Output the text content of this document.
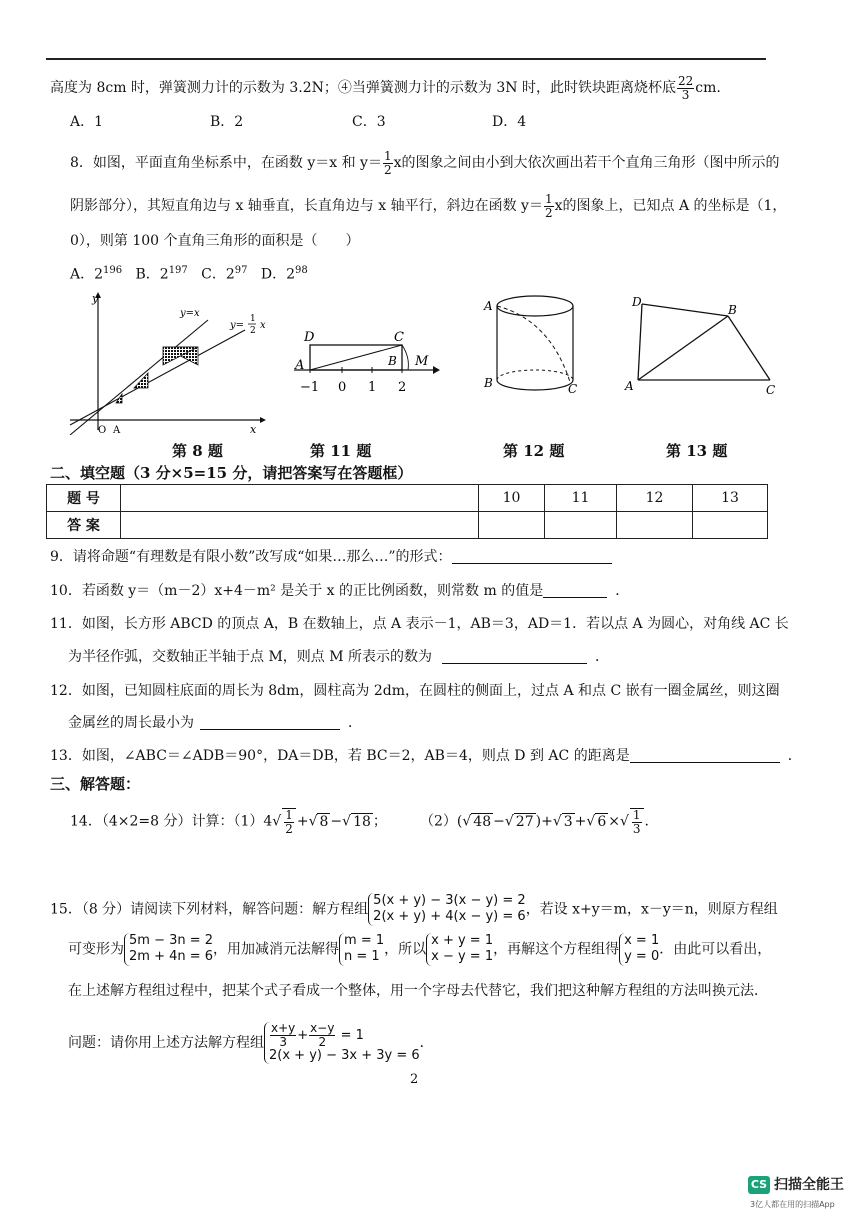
高度为 8cm 时，弹簧测力计的示数为 3.2N；④当弹簧测力计的示数为 3N 时，此时铁块距离烧杯底 $\frac{22}{3}$ cm.
A．1	B．2	C．3	D．4
8．如图，平面直角坐标系中，在函数 y＝x 和 $y= \frac{1}{2}$ x的图象之间由小到大依次画出若干个直角三角形（图中所示的
阴影部分），其短直角边与 x 轴垂直，长直角边与 x 轴平行，斜边在函数 $y= \frac{1}{2}$ x的图象上，已知点 A 的坐标是（1，
0），则第 100 个直角三角形的面积是（　　）
A．$2^{196}$ B．$2^{197}$ C．$2^{97}$ D．$2^{98}$
y
x
O A
y=x
y=
1
2 x
D	C
A	B M
−1 0 1 2
A
B	C
D
B
A	C
第 8 题	第 11 题	第 12 题	第 13 题
二、填空题（3 分×5=15 分，请把答案写在答题框）
题 号		10	11	12	13
答 案					
9．请将命题“有理数是有限小数”改写成“如果…那么…”的形式：
10．若函数 y＝（m－2）x+4－m² 是关于 x 的正比例函数，则常数 m 的值是	．
11．如图，长方形 ABCD 的顶点 A，B 在数轴上，点 A 表示－1，AB＝3，AD＝1．若以点 A 为圆心，对角线 AC 长
为半径作弧，交数轴正半轴于点 M，则点 M 所表示的数为	．
12．如图，已知圆柱底面的周长为 8dm，圆柱高为 2dm，在圆柱的侧面上，过点 A 和点 C 嵌有一圈金属丝，则这圈
金属丝的周长最小为	．
13．如图，∠ABC＝∠ADB＝90°，DA＝DB，若 BC＝2，AB＝4，则点 D 到 AC 的距离是	．
三、解答题：
14．（4×2=8 分）计算：$(1)4√ \frac{1}{2}$ +√ 8 −√ 18 ； （2）(√ 48 −√ 27 )+√ 3 +√ 6 ×√ $\frac{1}{3}$ .
15．（8 分）请阅读下列材料，解答问题：解方程组5(x + y) − 3(x − y) = 2
2(x + y) + 4(x − y) = 6，若设 x+y＝m，x－y＝n，则原方程组
可变形为5m − 3n = 2
2m + 4n = 6，用加减消元法解得m = 1
n = 1 ，所以x + y = 1
x − y = 1，再解这个方程组得x = 1
y = 0．由此可以看出，
在上述解方程组过程中，把某个式子看成一个整体，用一个字母去代替它，我们把这种解方程组的方法叫换元法．
问题：请你用上述方法解方程组 $\frac{x+y}{3} + \frac{x-y}{2} = 1$
2(x + y) − 3x + 3y = 6．
2
CS 扫描全能王
3亿人都在用的扫描App
